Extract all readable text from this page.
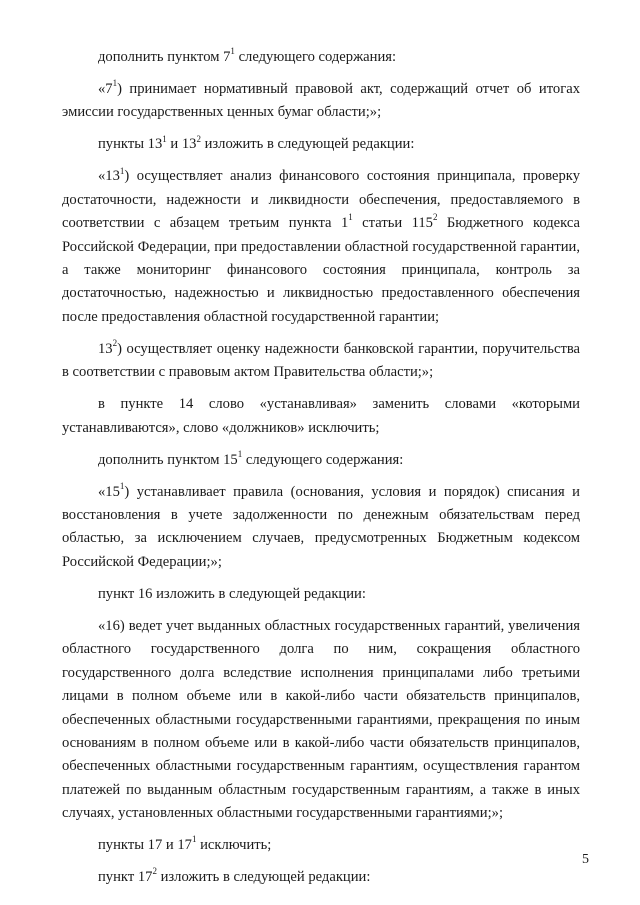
дополнить пунктом $7^1$ следующего содержания:

«$7^1$) принимает нормативный правовой акт, содержащий отчет об итогах эмиссии государственных ценных бумаг области;»;

пункты $13^1$ и $13^2$ изложить в следующей редакции:

«$13^1$) осуществляет анализ финансового состояния принципала, проверку достаточности, надежности и ликвидности обеспечения, предоставляемого в соответствии с абзацем третьим пункта $1^1$ статьи $115^2$ Бюджетного кодекса Российской Федерации, при предоставлении областной государственной гарантии, а также мониторинг финансового состояния принципала, контроль за достаточностью, надежностью и ликвидностью предоставленного обеспечения после предоставления областной государственной гарантии;

$13^2$) осуществляет оценку надежности банковской гарантии, поручительства в соответствии с правовым актом Правительства области;»;

в пункте 14 слово «устанавливая» заменить словами «которыми устанавливаются», слово «должников» исключить;

дополнить пунктом $15^1$ следующего содержания:

«$15^1$) устанавливает правила (основания, условия и порядок) списания и восстановления в учете задолженности по денежным обязательствам перед областью, за исключением случаев, предусмотренных Бюджетным кодексом Российской Федерации;»;

пункт 16 изложить в следующей редакции:

«16) ведет учет выданных областных государственных гарантий, увеличения областного государственного долга по ним, сокращения областного государственного долга вследствие исполнения принципалами либо третьими лицами в полном объеме или в какой-либо части обязательств принципалов, обеспеченных областными государственными гарантиями, прекращения по иным основаниям в полном объеме или в какой-либо части обязательств принципалов, обеспеченных областными государственным гарантиям, осуществления гарантом платежей по выданным областным государственным гарантиям, а также в иных случаях, установленных областными государственными гарантиями;»;

пункты 17 и $17^1$ исключить;

пункт $17^2$ изложить в следующей редакции:

5
